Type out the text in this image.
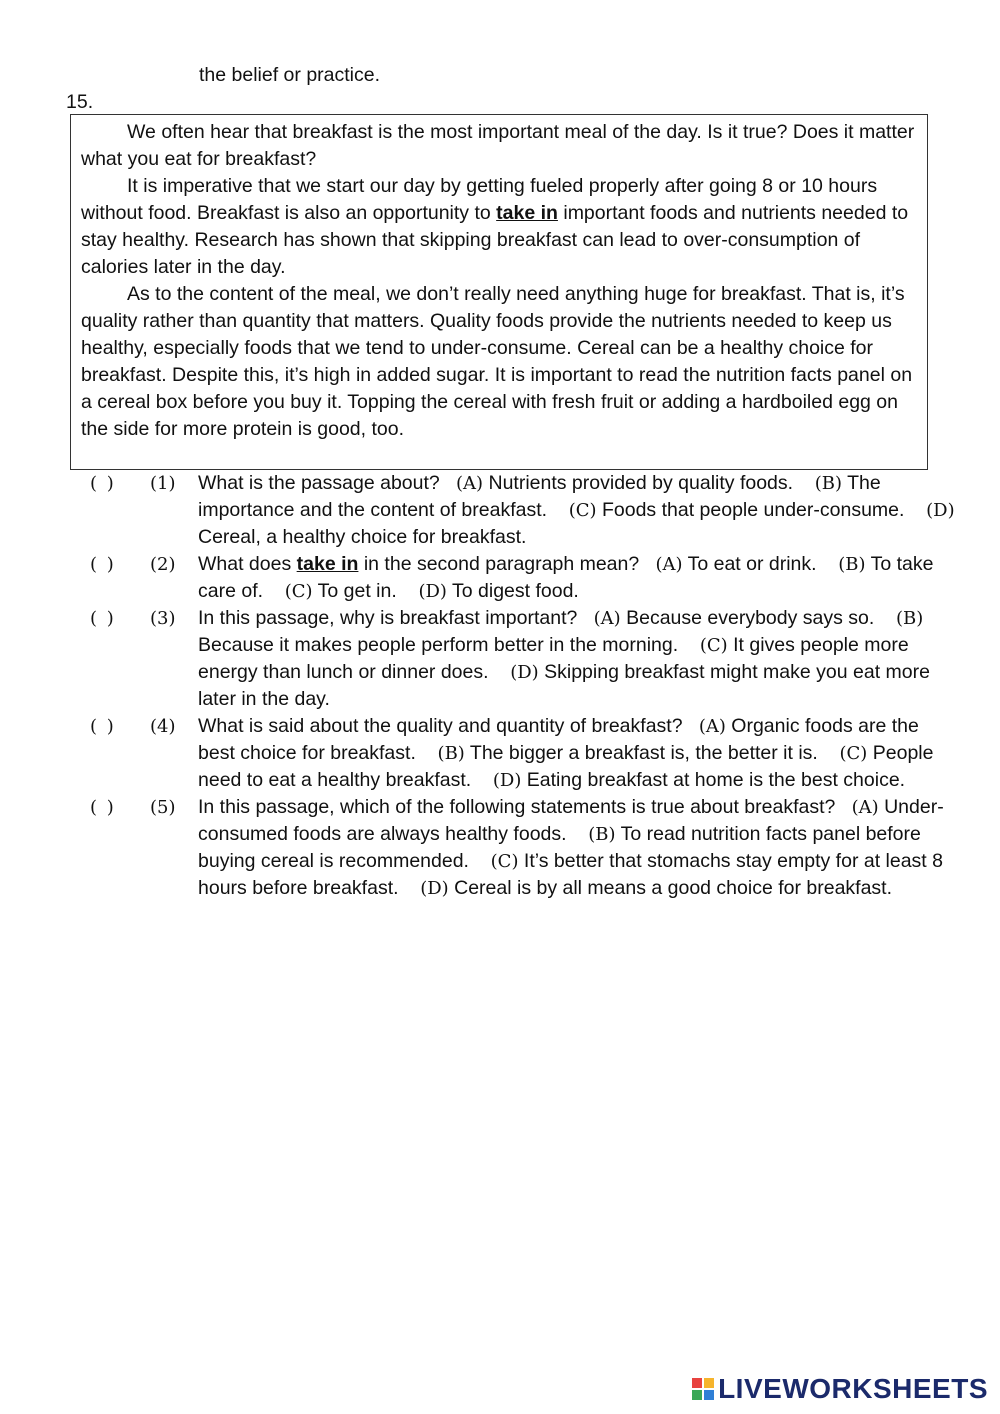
the belief or practice.
15.

We often hear that breakfast is the most important meal of the day. Is it true? Does it matter what you eat for breakfast?

It is imperative that we start our day by getting fueled properly after going 8 or 10 hours without food. Breakfast is also an opportunity to take in important foods and nutrients needed to stay healthy. Research has shown that skipping breakfast can lead to over-consumption of calories later in the day.

As to the content of the meal, we don’t really need anything huge for breakfast. That is, it’s quality rather than quantity that matters. Quality foods provide the nutrients needed to keep us healthy, especially foods that we tend to under-consume. Cereal can be a healthy choice for breakfast. Despite this, it’s high in added sugar. It is important to read the nutrition facts panel on a cereal box before you buy it. Topping the cereal with fresh fruit or adding a hardboiled egg on the side for more protein is good, too.

( ) (1) What is the passage about? (A) Nutrients provided by quality foods. (B) The importance and the content of breakfast. (C) Foods that people under-consume. (D) Cereal, a healthy choice for breakfast.
( ) (2) What does take in in the second paragraph mean? (A) To eat or drink. (B) To take care of. (C) To get in. (D) To digest food.
( ) (3) In this passage, why is breakfast important? (A) Because everybody says so. (B) Because it makes people perform better in the morning. (C) It gives people more energy than lunch or dinner does. (D) Skipping breakfast might make you eat more later in the day.
( ) (4) What is said about the quality and quantity of breakfast? (A) Organic foods are the best choice for breakfast. (B) The bigger a breakfast is, the better it is. (C) People need to eat a healthy breakfast. (D) Eating breakfast at home is the best choice.
( ) (5) In this passage, which of the following statements is true about breakfast? (A) Under-consumed foods are always healthy foods. (B) To read nutrition facts panel before buying cereal is recommended. (C) It’s better that stomachs stay empty for at least 8 hours before breakfast. (D) Cereal is by all means a good choice for breakfast.
LIVEWORKSHEETS
